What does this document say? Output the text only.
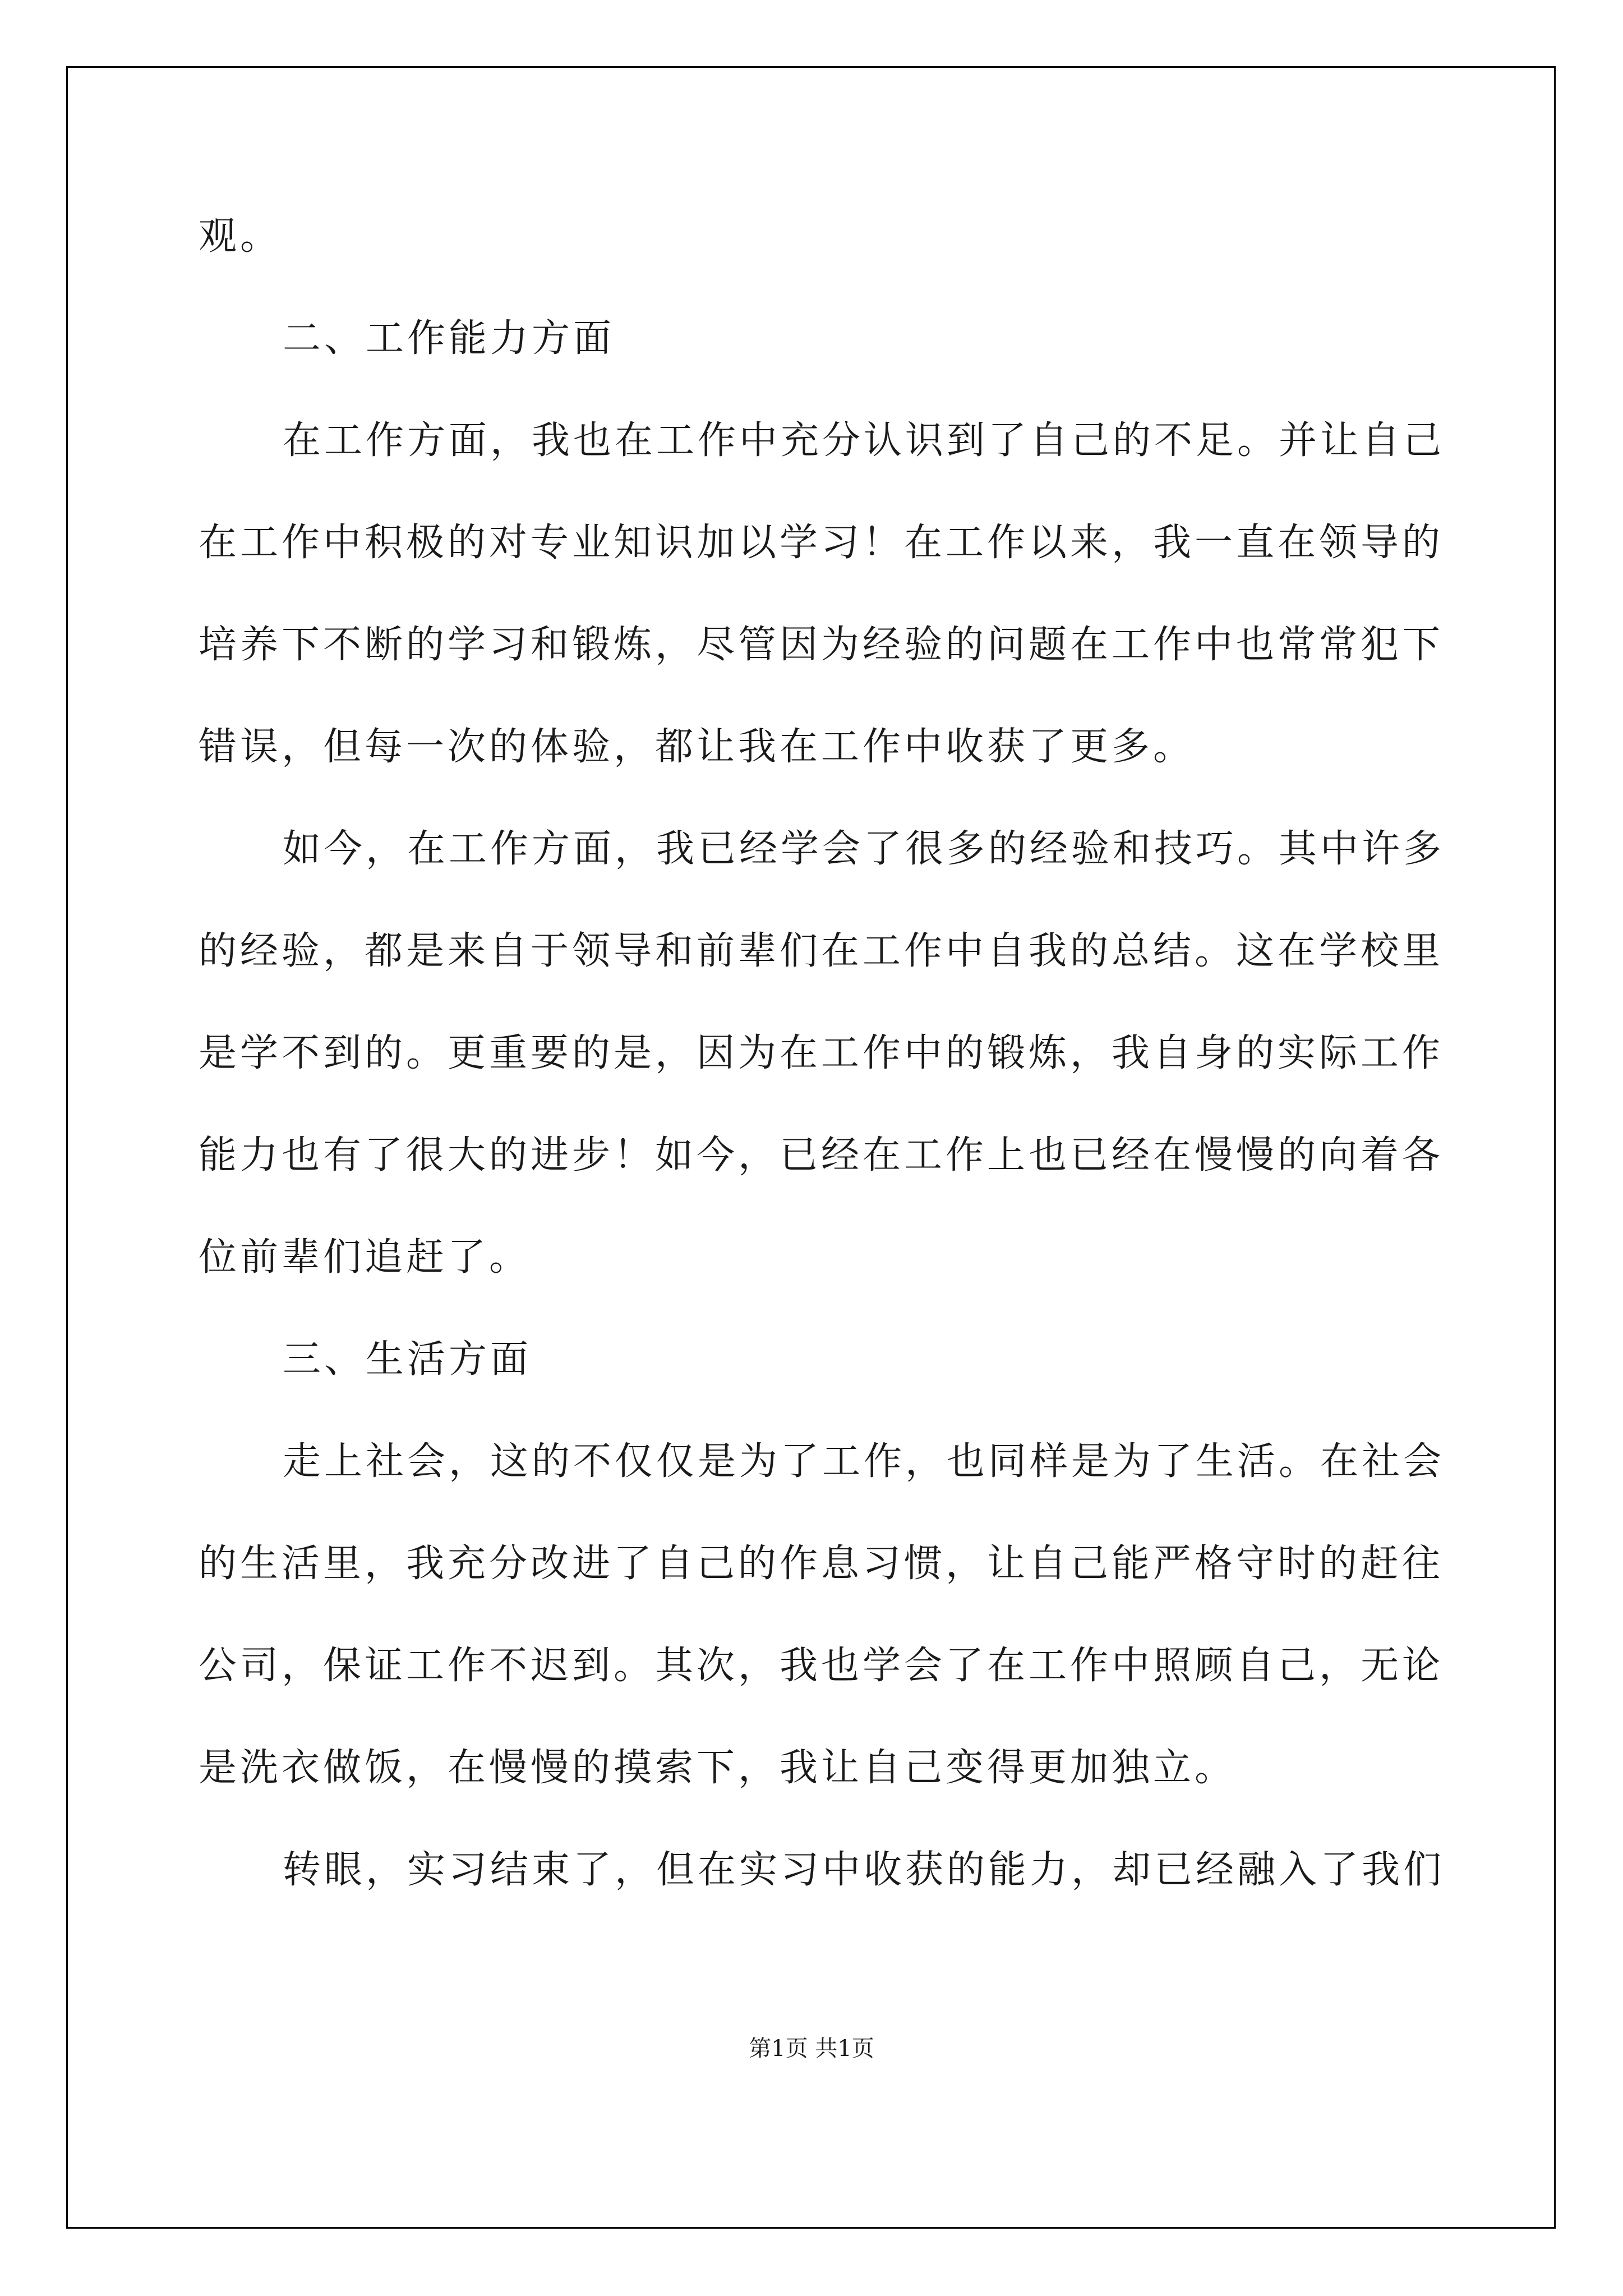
观。
二、工作能力方面
在工作方面，我也在工作中充分认识到了自己的不足。并让自己
在工作中积极的对专业知识加以学习！在工作以来，我一直在领导的
培养下不断的学习和锻炼，尽管因为经验的问题在工作中也常常犯下
错误，但每一次的体验，都让我在工作中收获了更多。
如今，在工作方面，我已经学会了很多的经验和技巧。其中许多
的经验，都是来自于领导和前辈们在工作中自我的总结。这在学校里
是学不到的。更重要的是，因为在工作中的锻炼，我自身的实际工作
能力也有了很大的进步！如今，已经在工作上也已经在慢慢的向着各
位前辈们追赶了。
三、生活方面
走上社会，这的不仅仅是为了工作，也同样是为了生活。在社会
的生活里，我充分改进了自己的作息习惯，让自己能严格守时的赶往
公司，保证工作不迟到。其次，我也学会了在工作中照顾自己，无论
是洗衣做饭，在慢慢的摸索下，我让自己变得更加独立。
转眼，实习结束了，但在实习中收获的能力，却已经融入了我们
第1页 共1页
